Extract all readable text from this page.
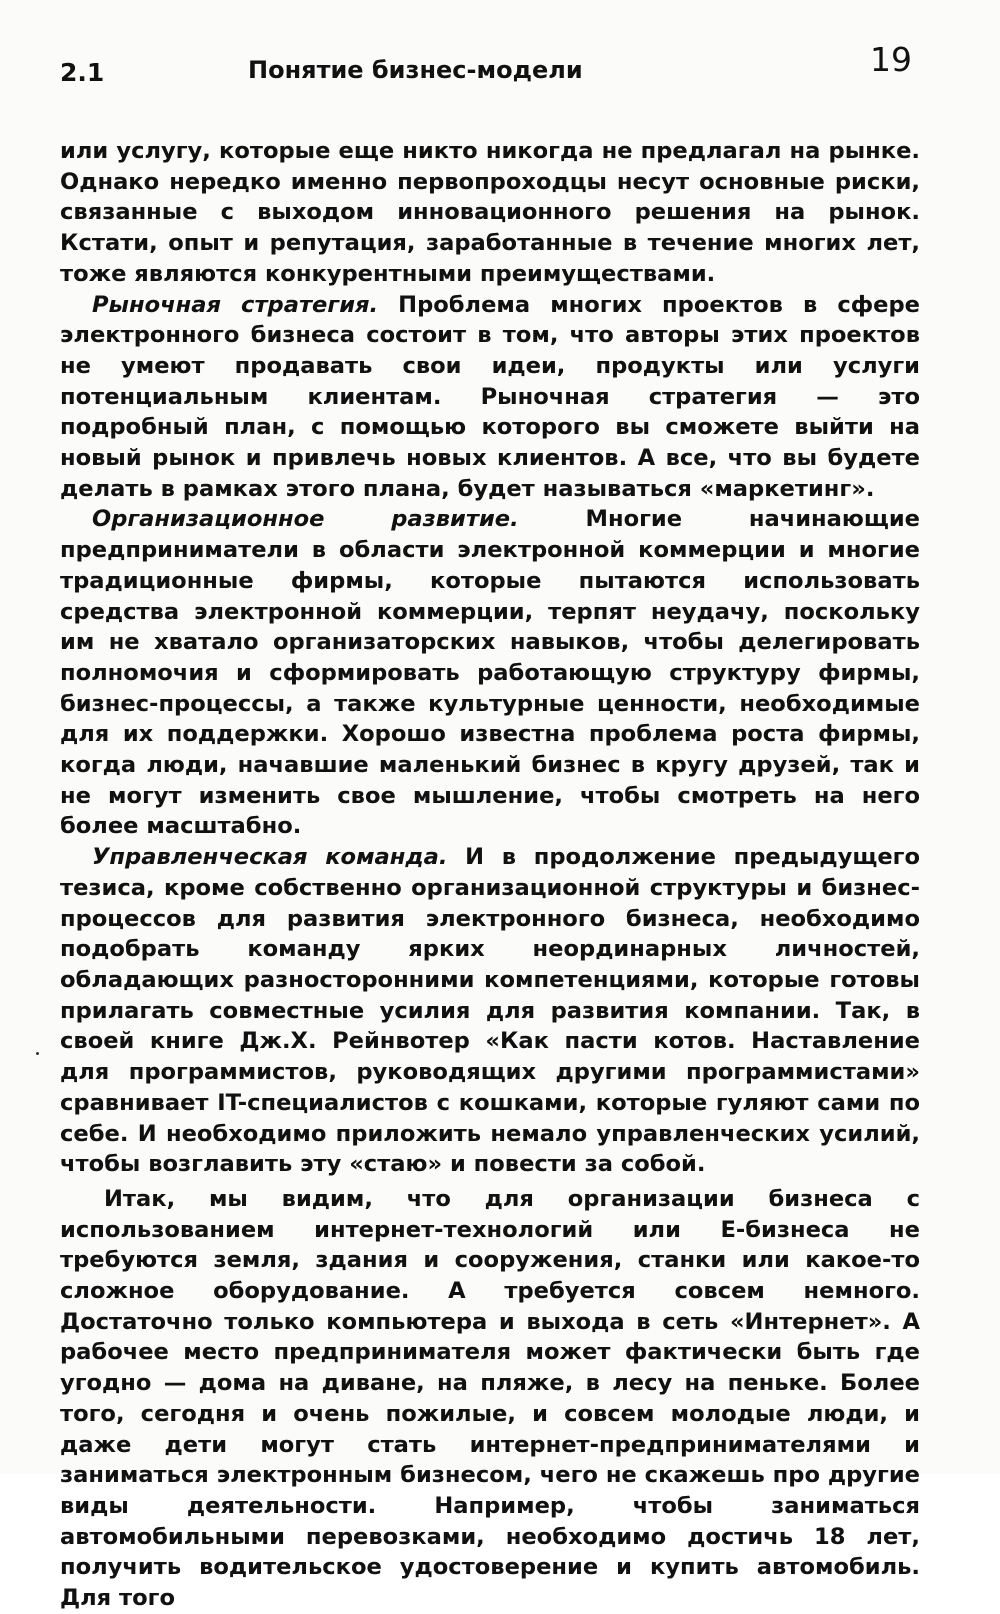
2.1	Понятие бизнес-модели	19

или услугу, которые еще никто никогда не предлагал на рынке. Однако нередко именно первопроходцы несут основные риски, связанные с выходом инновационного решения на рынок. Кстати, опыт и репутация, заработанные в течение многих лет, тоже являются конкурентными преимуществами.

Рыночная стратегия. Проблема многих проектов в сфере электронного бизнеса состоит в том, что авторы этих проектов не умеют продавать свои идеи, продукты или услуги потенциальным клиентам. Рыночная стратегия — это подробный план, с помощью которого вы сможете выйти на новый рынок и привлечь новых клиентов. А все, что вы будете делать в рамках этого плана, будет называться «маркетинг».

Организационное развитие. Многие начинающие предприниматели в области электронной коммерции и многие традиционные фирмы, которые пытаются использовать средства электронной коммерции, терпят неудачу, поскольку им не хватало организаторских навыков, чтобы делегировать полномочия и сформировать работающую структуру фирмы, бизнес-процессы, а также культурные ценности, необходимые для их поддержки. Хорошо известна проблема роста фирмы, когда люди, начавшие маленький бизнес в кругу друзей, так и не могут изменить свое мышление, чтобы смотреть на него более масштабно.

Управленческая команда. И в продолжение предыдущего тезиса, кроме собственно организационной структуры и бизнес-процессов для развития электронного бизнеса, необходимо подобрать команду ярких неординарных личностей, обладающих разносторонними компетенциями, которые готовы прилагать совместные усилия для развития компании. Так, в своей книге Дж.Х. Рейнвотер «Как пасти котов. Наставление для программистов, руководящих другими программистами» сравнивает IT-специалистов с кошками, которые гуляют сами по себе. И необходимо приложить немало управленческих усилий, чтобы возглавить эту «стаю» и повести за собой.

Итак, мы видим, что для организации бизнеса с использованием интернет-технологий или Е-бизнеса не требуются земля, здания и сооружения, станки или какое-то сложное оборудование. А требуется совсем немного. Достаточно только компьютера и выхода в сеть «Интернет». А рабочее место предпринимателя может фактически быть где угодно — дома на диване, на пляже, в лесу на пеньке. Более того, сегодня и очень пожилые, и совсем молодые люди, и даже дети могут стать интернет-предпринимателями и заниматься электронным бизнесом, чего не скажешь про другие виды деятельности. Например, чтобы заниматься автомобильными перевозками, необходимо достичь 18 лет, получить водительское удостоверение и купить автомобиль. Для того
